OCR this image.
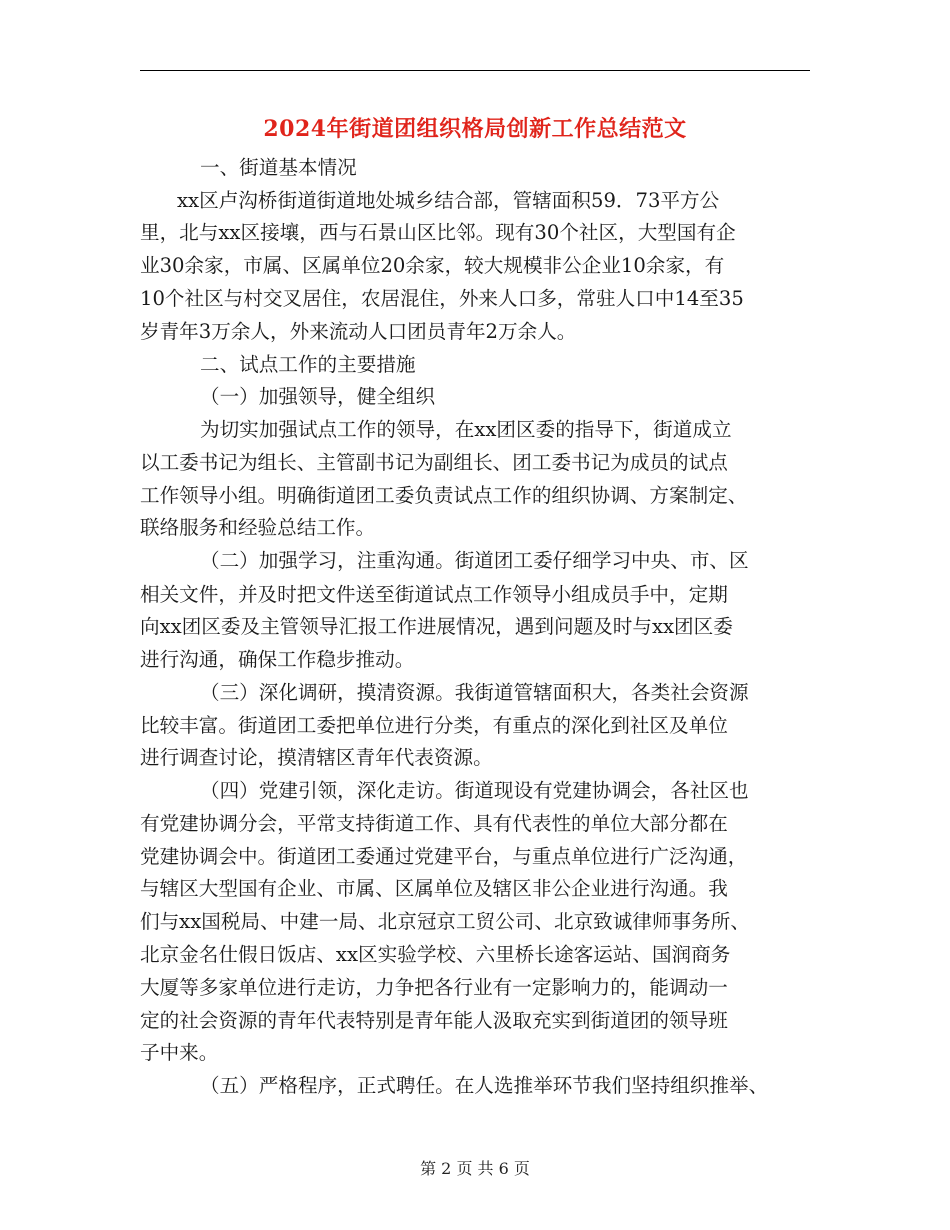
2024年街道团组织格局创新工作总结范文
一、街道基本情况
xx区卢沟桥街道街道地处城乡结合部，管辖面积59．73平方公
里，北与xx区接壤，西与石景山区比邻。现有30个社区，大型国有企
业30余家，市属、区属单位20余家，较大规模非公企业10余家，有
10个社区与村交叉居住，农居混住，外来人口多，常驻人口中14至35
岁青年3万余人，外来流动人口团员青年2万余人。
二、试点工作的主要措施
（一）加强领导，健全组织
为切实加强试点工作的领导，在xx团区委的指导下，街道成立
以工委书记为组长、主管副书记为副组长、团工委书记为成员的试点
工作领导小组。明确街道团工委负责试点工作的组织协调、方案制定、
联络服务和经验总结工作。
（二）加强学习，注重沟通。街道团工委仔细学习中央、市、区
相关文件，并及时把文件送至街道试点工作领导小组成员手中，定期
向xx团区委及主管领导汇报工作进展情况，遇到问题及时与xx团区委
进行沟通，确保工作稳步推动。
（三）深化调研，摸清资源。我街道管辖面积大，各类社会资源
比较丰富。街道团工委把单位进行分类，有重点的深化到社区及单位
进行调查讨论，摸清辖区青年代表资源。
（四）党建引领，深化走访。街道现设有党建协调会，各社区也
有党建协调分会，平常支持街道工作、具有代表性的单位大部分都在
党建协调会中。街道团工委通过党建平台，与重点单位进行广泛沟通，
与辖区大型国有企业、市属、区属单位及辖区非公企业进行沟通。我
们与xx国税局、中建一局、北京冠京工贸公司、北京致诚律师事务所、
北京金名仕假日饭店、xx区实验学校、六里桥长途客运站、国润商务
大厦等多家单位进行走访，力争把各行业有一定影响力的，能调动一
定的社会资源的青年代表特别是青年能人汲取充实到街道团的领导班
子中来。
（五）严格程序，正式聘任。在人选推举环节我们坚持组织推举、
第 2 页 共 6 页
